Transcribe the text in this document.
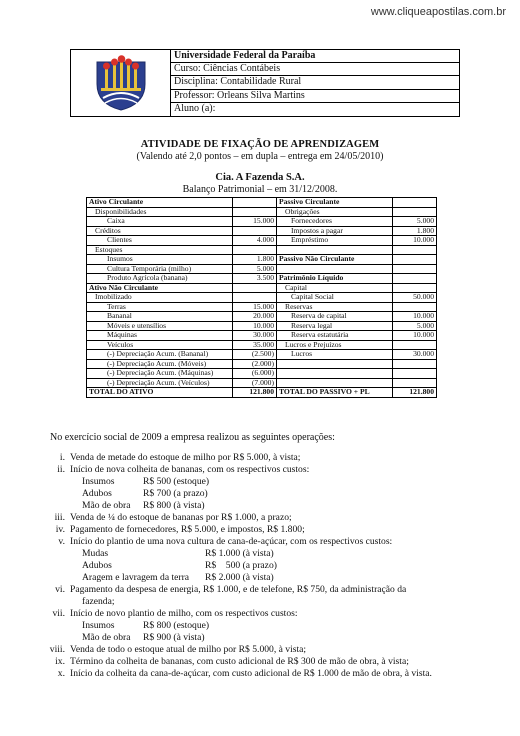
www.cliqueapostilas.com.br
Universidade Federal da Paraíba
Curso: Ciências Contábeis
Disciplina: Contabilidade Rural
Professor: Orleans Silva Martins
Aluno (a):
ATIVIDADE DE FIXAÇÃO DE APRENDIZAGEM
(Valendo até 2,0 pontos – em dupla – entrega em 24/05/2010)
Cia. A Fazenda S.A.
Balanço Patrimonial – em 31/12/2008.
Ativo Circulante		Passivo Circulante	
Disponibilidades		Obrigações	
Caixa	15.000	Fornecedores	5.000
Créditos		Impostos a pagar	1.800
Clientes	4.000	Empréstimo	10.000
Estoques			
Insumos	1.800	Passivo Não Circulante	
Cultura Temporária (milho)	5.000		
Produto Agrícola (banana)	3.500	Patrimônio Líquido	
Ativo Não Circulante		Capital	
Imobilizado		Capital Social	50.000
Terras	15.000	Reservas	
Bananal	20.000	Reserva de capital	10.000
Móveis e utensílios	10.000	Reserva legal	5.000
Máquinas	30.000	Reserva estatutária	10.000
Veículos	35.000	Lucros e Prejuízos	
(-) Depreciação Acum. (Bananal)	(2.500)	Lucros	30.000
(-) Depreciação Acum. (Móveis)	(2.000)		
(-) Depreciação Acum. (Máquinas)	(6.000)		
(-) Depreciação Acum. (Veículos)	(7.000)		
TOTAL DO ATIVO	121.800	TOTAL DO PASSIVO + PL	121.800
No exercício social de 2009 a empresa realizou as seguintes operações:
i. Venda de metade do estoque de milho por R$ 5.000, à vista;
ii. Início de nova colheita de bananas, com os respectivos custos:
Insumos	R$ 500 (estoque)
Adubos	R$ 700 (a prazo)
Mão de obra R$ 800 (à vista)
iii. Venda de ¼ do estoque de bananas por R$ 1.000, a prazo;
iv. Pagamento de fornecedores, R$ 5.000, e impostos, R$ 1.800;
v. Início do plantio de uma nova cultura de cana-de-açúcar, com os respectivos custos:
Mudas	R$ 1.000 (à vista)
Adubos	R$    500 (a prazo)
Aragem e lavragem da terra R$ 2.000 (à vista)
vi. Pagamento da despesa de energia, R$ 1.000, e de telefone, R$ 750, da administração da
fazenda;
vii. Início de novo plantio de milho, com os respectivos custos:
Insumos	R$ 800 (estoque)
Mão de obra R$ 900 (à vista)
viii. Venda de todo o estoque atual de milho por R$ 5.000, à vista;
ix. Término da colheita de bananas, com custo adicional de R$ 300 de mão de obra, à vista;
x. Início da colheita da cana-de-açúcar, com custo adicional de R$ 1.000 de mão de obra, à vista.
